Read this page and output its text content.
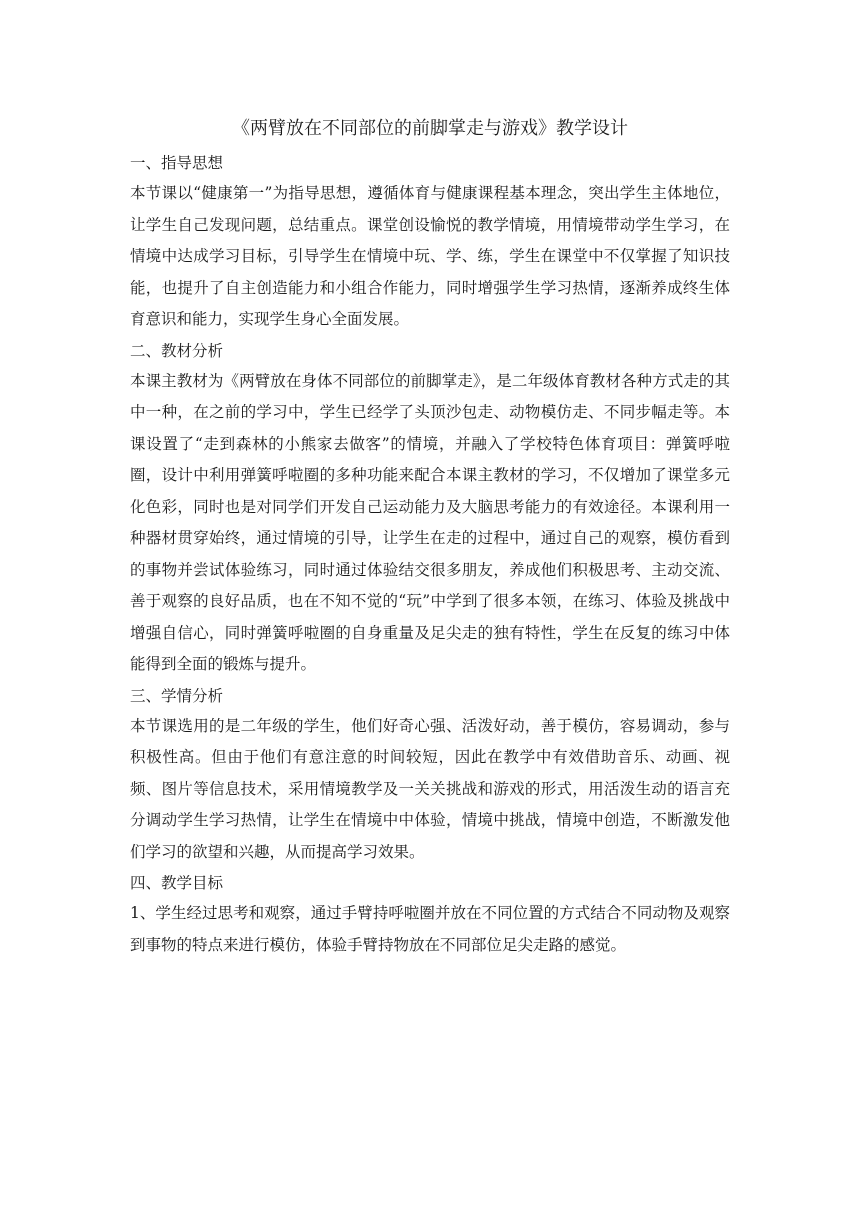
《两臂放在不同部位的前脚掌走与游戏》教学设计
一、指导思想

本节课以“健康第一”为指导思想，遵循体育与健康课程基本理念，突出学生主体地位，让学生自己发现问题，总结重点。课堂创设愉悦的教学情境，用情境带动学生学习，在情境中达成学习目标，引导学生在情境中玩、学、练，学生在课堂中不仅掌握了知识技能，也提升了自主创造能力和小组合作能力，同时增强学生学习热情，逐渐养成终生体育意识和能力，实现学生身心全面发展。

二、教材分析

本课主教材为《两臂放在身体不同部位的前脚掌走》，是二年级体育教材各种方式走的其中一种，在之前的学习中，学生已经学了头顶沙包走、动物模仿走、不同步幅走等。本课设置了“走到森林的小熊家去做客”的情境，并融入了学校特色体育项目：弹簧呼啦圈，设计中利用弹簧呼啦圈的多种功能来配合本课主教材的学习，不仅增加了课堂多元化色彩，同时也是对同学们开发自己运动能力及大脑思考能力的有效途径。本课利用一种器材贯穿始终，通过情境的引导，让学生在走的过程中，通过自己的观察，模仿看到的事物并尝试体验练习，同时通过体验结交很多朋友，养成他们积极思考、主动交流、善于观察的良好品质，也在不知不觉的“玩”中学到了很多本领，在练习、体验及挑战中增强自信心，同时弹簧呼啦圈的自身重量及足尖走的独有特性，学生在反复的练习中体能得到全面的锻炼与提升。

三、学情分析

本节课选用的是二年级的学生，他们好奇心强、活泼好动，善于模仿，容易调动，参与积极性高。但由于他们有意注意的时间较短，因此在教学中有效借助音乐、动画、视频、图片等信息技术，采用情境教学及一关关挑战和游戏的形式，用活泼生动的语言充分调动学生学习热情，让学生在情境中中体验，情境中挑战，情境中创造，不断激发他们学习的欲望和兴趣，从而提高学习效果。

四、教学目标

1、学生经过思考和观察，通过手臂持呼啦圈并放在不同位置的方式结合不同动物及观察到事物的特点来进行模仿，体验手臂持物放在不同部位足尖走路的感觉。
